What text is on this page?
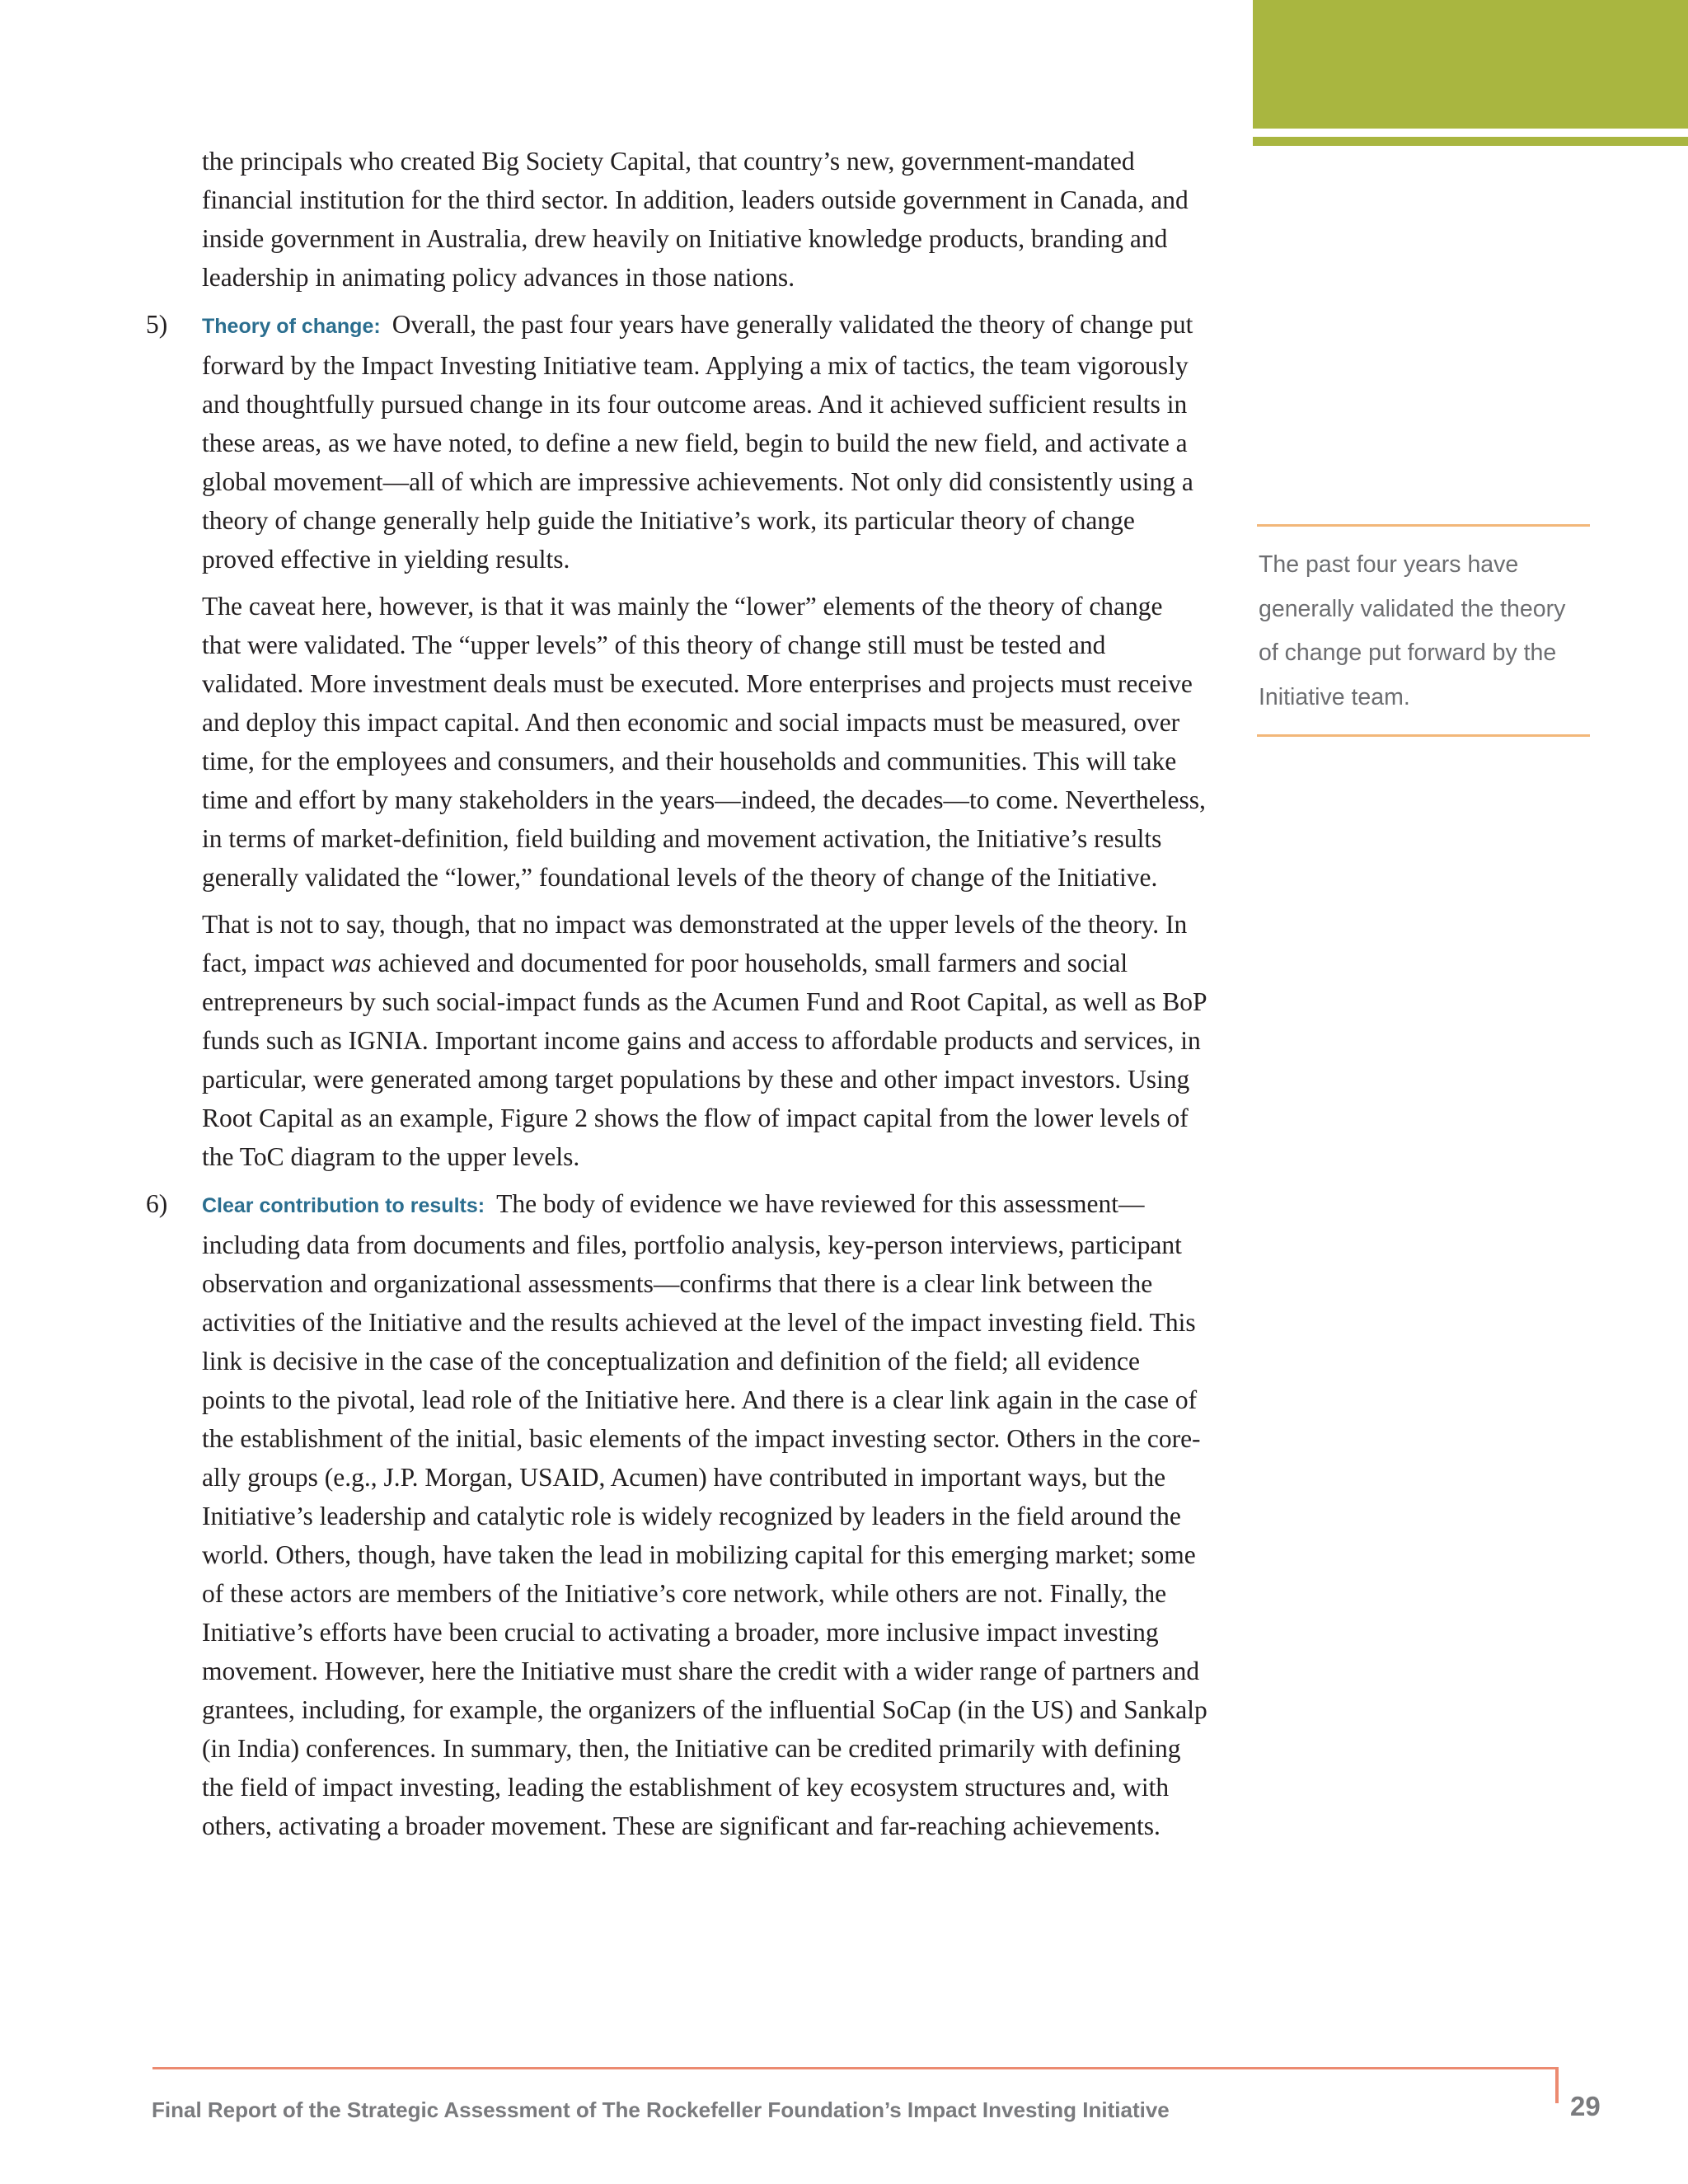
the principals who created Big Society Capital, that country’s new, government-mandated financial institution for the third sector. In addition, leaders outside government in Canada, and inside government in Australia, drew heavily on Initiative knowledge products, branding and leadership in animating policy advances in those nations.

5) Theory of change: Overall, the past four years have generally validated the theory of change put forward by the Impact Investing Initiative team. Applying a mix of tactics, the team vigorously and thoughtfully pursued change in its four outcome areas. And it achieved sufficient results in these areas, as we have noted, to define a new field, begin to build the new field, and activate a global movement—all of which are impressive achievements. Not only did consistently using a theory of change generally help guide the Initiative’s work, its particular theory of change proved effective in yielding results.

The caveat here, however, is that it was mainly the “lower” elements of the theory of change that were validated. The “upper levels” of this theory of change still must be tested and validated. More investment deals must be executed. More enterprises and projects must receive and deploy this impact capital. And then economic and social impacts must be measured, over time, for the employees and consumers, and their households and communities. This will take time and effort by many stakeholders in the years—indeed, the decades—to come. Nevertheless, in terms of market-definition, field building and movement activation, the Initiative’s results generally validated the “lower,” foundational levels of the theory of change of the Initiative.

That is not to say, though, that no impact was demonstrated at the upper levels of the theory. In fact, impact was achieved and documented for poor households, small farmers and social entrepreneurs by such social-impact funds as the Acumen Fund and Root Capital, as well as BoP funds such as IGNIA. Important income gains and access to affordable products and services, in particular, were generated among target populations by these and other impact investors. Using Root Capital as an example, Figure 2 shows the flow of impact capital from the lower levels of the ToC diagram to the upper levels.

6) Clear contribution to results: The body of evidence we have reviewed for this assessment—including data from documents and files, portfolio analysis, key-person interviews, participant observation and organizational assessments—confirms that there is a clear link between the activities of the Initiative and the results achieved at the level of the impact investing field. This link is decisive in the case of the conceptualization and definition of the field; all evidence points to the pivotal, lead role of the Initiative here. And there is a clear link again in the case of the establishment of the initial, basic elements of the impact investing sector. Others in the core-ally groups (e.g., J.P. Morgan, USAID, Acumen) have contributed in important ways, but the Initiative’s leadership and catalytic role is widely recognized by leaders in the field around the world. Others, though, have taken the lead in mobilizing capital for this emerging market; some of these actors are members of the Initiative’s core network, while others are not. Finally, the Initiative’s efforts have been crucial to activating a broader, more inclusive impact investing movement. However, here the Initiative must share the credit with a wider range of partners and grantees, including, for example, the organizers of the influential SoCap (in the US) and Sankalp (in India) conferences. In summary, then, the Initiative can be credited primarily with defining the field of impact investing, leading the establishment of key ecosystem structures and, with others, activating a broader movement. These are significant and far-reaching achievements.

The past four years have generally validated the theory of change put forward by the Initiative team.

Final Report of the Strategic Assessment of The Rockefeller Foundation’s Impact Investing Initiative	29
